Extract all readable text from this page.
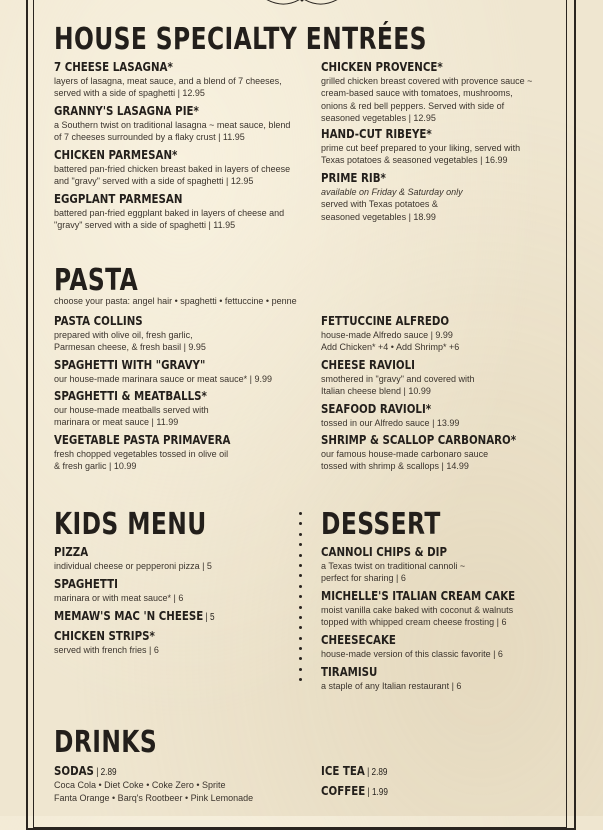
HOUSE SPECIALTY ENTRÉES
7 CHEESE LASAGNA*
layers of lasagna, meat sauce, and a blend of 7 cheeses,
served with a side of spaghetti | 12.95
GRANNY'S LASAGNA PIE*
a Southern twist on traditional lasagna ~ meat sauce, blend
of 7 cheeses surrounded by a flaky crust | 11.95
CHICKEN PARMESAN*
battered pan-fried chicken breast baked in layers of cheese
and "gravy" served with a side of spaghetti | 12.95
EGGPLANT PARMESAN
battered pan-fried eggplant baked in layers of cheese and
"gravy" served with a side of spaghetti | 11.95
CHICKEN PROVENCE*
grilled chicken breast covered with provence sauce ~
cream-based sauce with tomatoes, mushrooms,
onions & red bell peppers. Served with side of
seasoned vegetables | 12.95
HAND-CUT RIBEYE*
prime cut beef prepared to your liking, served with
Texas potatoes & seasoned vegetables | 16.99
PRIME RIB*
available on Friday & Saturday only
served with Texas potatoes &
seasoned vegetables | 18.99
PASTA
choose your pasta: angel hair • spaghetti • fettuccine • penne
PASTA COLLINS
prepared with olive oil, fresh garlic,
Parmesan cheese, & fresh basil | 9.95
SPAGHETTI WITH "GRAVY"
our house-made marinara sauce or meat sauce* | 9.99
SPAGHETTI & MEATBALLS*
our house-made meatballs served with
marinara or meat sauce | 11.99
VEGETABLE PASTA PRIMAVERA
fresh chopped vegetables tossed in olive oil
& fresh garlic | 10.99
FETTUCCINE ALFREDO
house-made Alfredo sauce | 9.99
Add Chicken* +4 • Add Shrimp* +6
CHEESE RAVIOLI
smothered in "gravy" and covered with
Italian cheese blend | 10.99
SEAFOOD RAVIOLI*
tossed in our Alfredo sauce | 13.99
SHRIMP & SCALLOP CARBONARO*
our famous house-made carbonaro sauce
tossed with shrimp & scallops | 14.99
KIDS MENU
PIZZA
individual cheese or pepperoni pizza | 5
SPAGHETTI
marinara or with meat sauce* | 6
MEMAW'S MAC 'N CHEESE | 5
CHICKEN STRIPS*
served with french fries | 6
DESSERT
CANNOLI CHIPS & DIP
a Texas twist on traditional cannoli ~
perfect for sharing | 6
MICHELLE'S ITALIAN CREAM CAKE
moist vanilla cake baked with coconut & walnuts
topped with whipped cream cheese frosting | 6
CHEESECAKE
house-made version of this classic favorite | 6
TIRAMISU
a staple of any Italian restaurant | 6
DRINKS
SODAS | 2.89
Coca Cola • Diet Coke • Coke Zero • Sprite
Fanta Orange • Barq's Rootbeer • Pink Lemonade
ICE TEA | 2.89
COFFEE | 1.99
